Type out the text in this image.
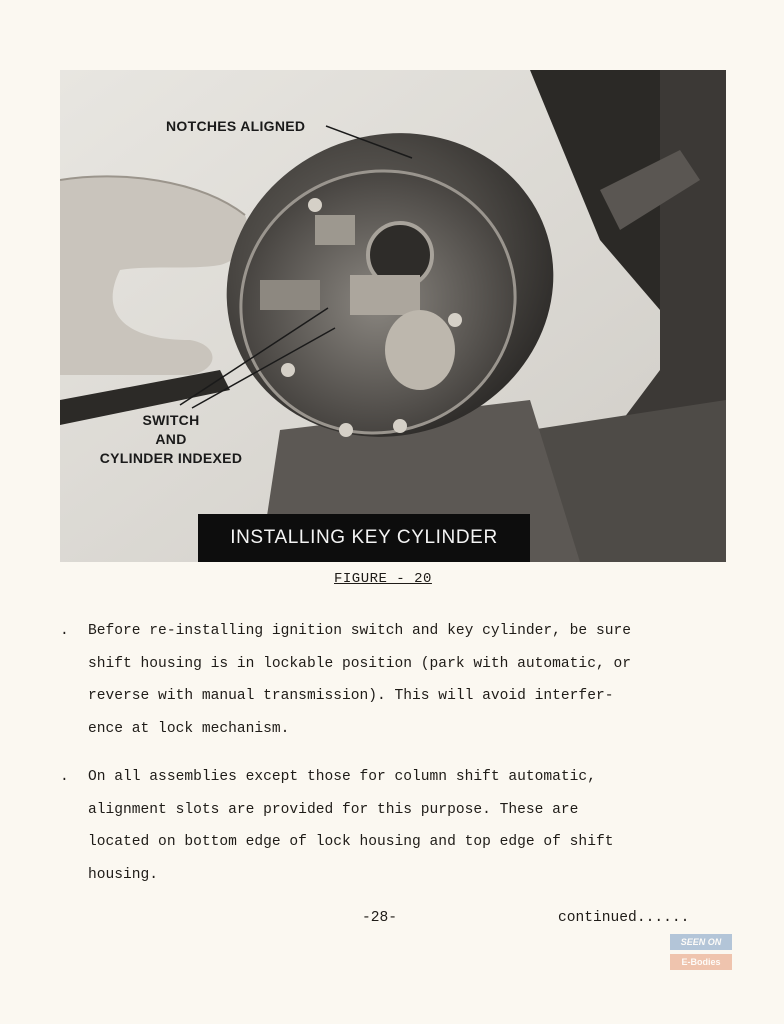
NOTCHES ALIGNED
SWITCH
AND
CYLINDER INDEXED
INSTALLING KEY CYLINDER
FIGURE - 20
. Before re-installing ignition switch and key cylinder, be sure
shift housing is in lockable position (park with automatic, or
reverse with manual transmission). This will avoid interfer-
ence at lock mechanism.
. On all assemblies except those for column shift automatic,
alignment slots are provided for this purpose. These are
located on bottom edge of lock housing and top edge of shift
housing.
-28-	continued......
SEEN ON
E-Bodies
